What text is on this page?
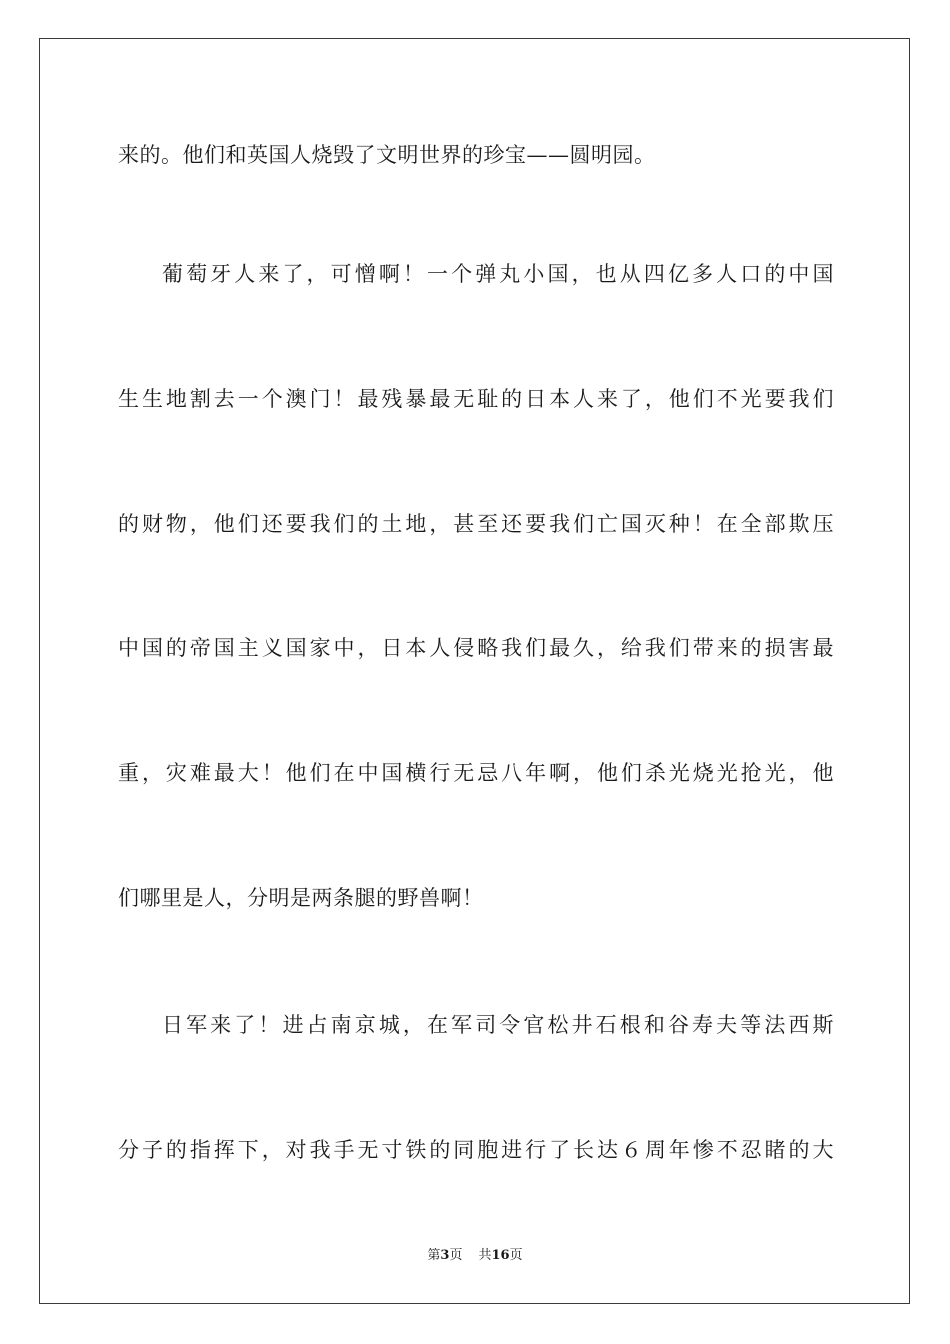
来的。他们和英国人烧毁了文明世界的珍宝——圆明园。
葡萄牙人来了，可憎啊！一个弹丸小国，也从四亿多人口的中国
生生地割去一个澳门！最残暴最无耻的日本人来了，他们不光要我们
的财物，他们还要我们的土地，甚至还要我们亡国灭种！在全部欺压
中国的帝国主义国家中，日本人侵略我们最久，给我们带来的损害最
重，灾难最大！他们在中国横行无忌八年啊，他们杀光烧光抢光，他
们哪里是人，分明是两条腿的野兽啊！
日军来了！进占南京城，在军司令官松井石根和谷寿夫等法西斯
分子的指挥下，对我手无寸铁的同胞进行了长达６周年惨不忍睹的大
第3页 共16页
